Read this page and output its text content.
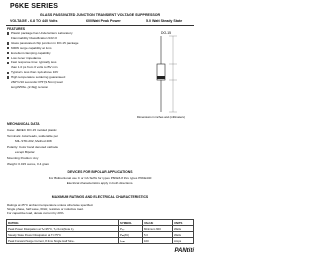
P6KE SERIES
GLASS PASSIVATED JUNCTION TRANSIENT VOLTAGE SUPPRESSOR
VOLTAGE - 6.8 TO 440 Volts	600Watt Peak Power	5.0 Watt Steady State
FEATURES
Plastic package has Underwriters Laboratory
Flammability Classification 94V-O
Glass passivated chip junction in DO-15 package
600W surge capability at 1ms
Excellent clamping capability
Low zener impedance
Fast response time: typically less
than 1.0 ps from 0 volts to BV min
Typical Iᵣ less than 1μA above 10V
High temperature soldering guaranteed:
260°C/10 seconds/.375"(9.5mm) lead
length/5lbs.,(2.3kg) tension
DO-15
Dimensions in inches and (millimeters)
MECHANICAL DATA
Case: JEDEC DO-15 molded plastic
Terminals: Axial leads, solderable per
MIL-STD-202, Method 208
Polarity: Color band denoted cathode
except Bipolar
Mounting Position: Any
Weight: 0.015 ounce, 0.4 gram
DEVICES FOR BIPOLAR APPLICATIONS
For Bidirectional use C or CA Suffix for types P6KE6.8 thru types P6KE440
Electrical characteristics apply in both directions.
MAXIMUM RATINGS AND ELECTRICAL CHARACTERISTICS
Ratings at 25°C ambient temperature unless otherwise specified.
Single phase, half wave, 60Hz, resistive or inductive load.
For capacitive load, derate current by 20%.
RATING	SYMBOL	VALUE	UNITS
Peak Power Dissipation at Tₐ=25°C, Tₚ=1ms(Note 1),	Pₚₚ	Minimum 600	Watts
Steady State Power Dissipation at Tₗ=75°C	Pₘ(AV)	5.0	Watts
Peak Forward Surge Current, 8.3ms Single Half Sine-	Iₑₛₘ	100	Amps
PANtiti
